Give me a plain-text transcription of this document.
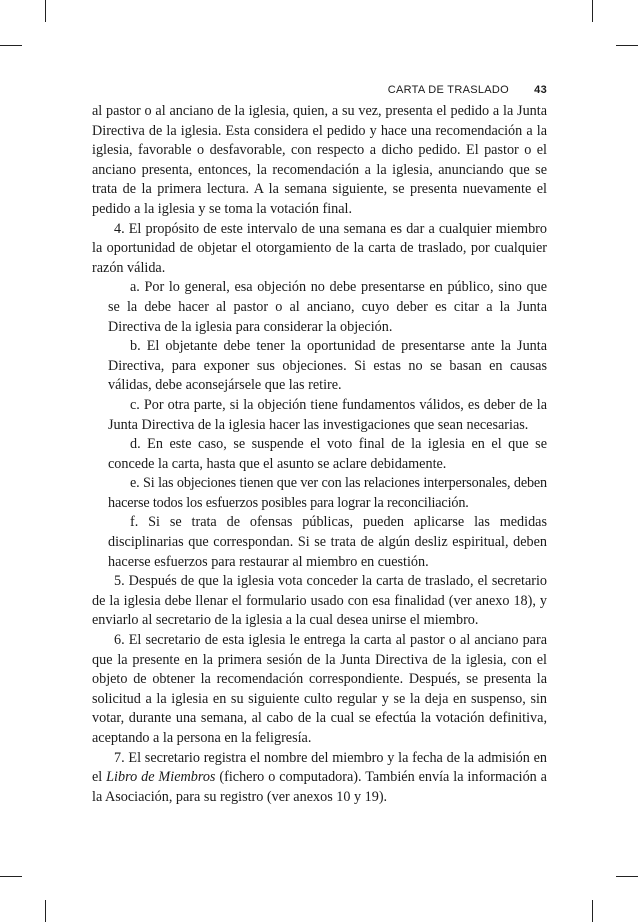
CARTA DE TRASLADO 43

al pastor o al anciano de la iglesia, quien, a su vez, presenta el pedido a la Junta Directiva de la iglesia. Esta considera el pedido y hace una recomendación a la iglesia, favorable o desfavorable, con respecto a dicho pedido. El pastor o el anciano presenta, entonces, la recomendación a la iglesia, anunciando que se trata de la primera lectura. A la semana siguiente, se presenta nuevamente el pedido a la iglesia y se toma la votación final.

4. El propósito de este intervalo de una semana es dar a cualquier miembro la oportunidad de objetar el otorgamiento de la carta de traslado, por cualquier razón válida.

a. Por lo general, esa objeción no debe presentarse en público, sino que se la debe hacer al pastor o al anciano, cuyo deber es citar a la Junta Directiva de la iglesia para considerar la objeción.

b. El objetante debe tener la oportunidad de presentarse ante la Junta Directiva, para exponer sus objeciones. Si estas no se basan en causas válidas, debe aconsejársele que las retire.

c. Por otra parte, si la objeción tiene fundamentos válidos, es deber de la Junta Directiva de la iglesia hacer las investigaciones que sean necesarias.

d. En este caso, se suspende el voto final de la iglesia en el que se concede la carta, hasta que el asunto se aclare debidamente.

e. Si las objeciones tienen que ver con las relaciones interpersonales, deben hacerse todos los esfuerzos posibles para lograr la reconciliación.

f. Si se trata de ofensas públicas, pueden aplicarse las medidas disciplinarias que correspondan. Si se trata de algún desliz espiritual, deben hacerse esfuerzos para restaurar al miembro en cuestión.

5. Después de que la iglesia vota conceder la carta de traslado, el secretario de la iglesia debe llenar el formulario usado con esa finalidad (ver anexo 18), y enviarlo al secretario de la iglesia a la cual desea unirse el miembro.

6. El secretario de esta iglesia le entrega la carta al pastor o al anciano para que la presente en la primera sesión de la Junta Directiva de la iglesia, con el objeto de obtener la recomendación correspondiente. Después, se presenta la solicitud a la iglesia en su siguiente culto regular y se la deja en suspenso, sin votar, durante una semana, al cabo de la cual se efectúa la votación definitiva, aceptando a la persona en la feligresía.

7. El secretario registra el nombre del miembro y la fecha de la admisión en el Libro de Miembros (fichero o computadora). También envía la información a la Asociación, para su registro (ver anexos 10 y 19).
